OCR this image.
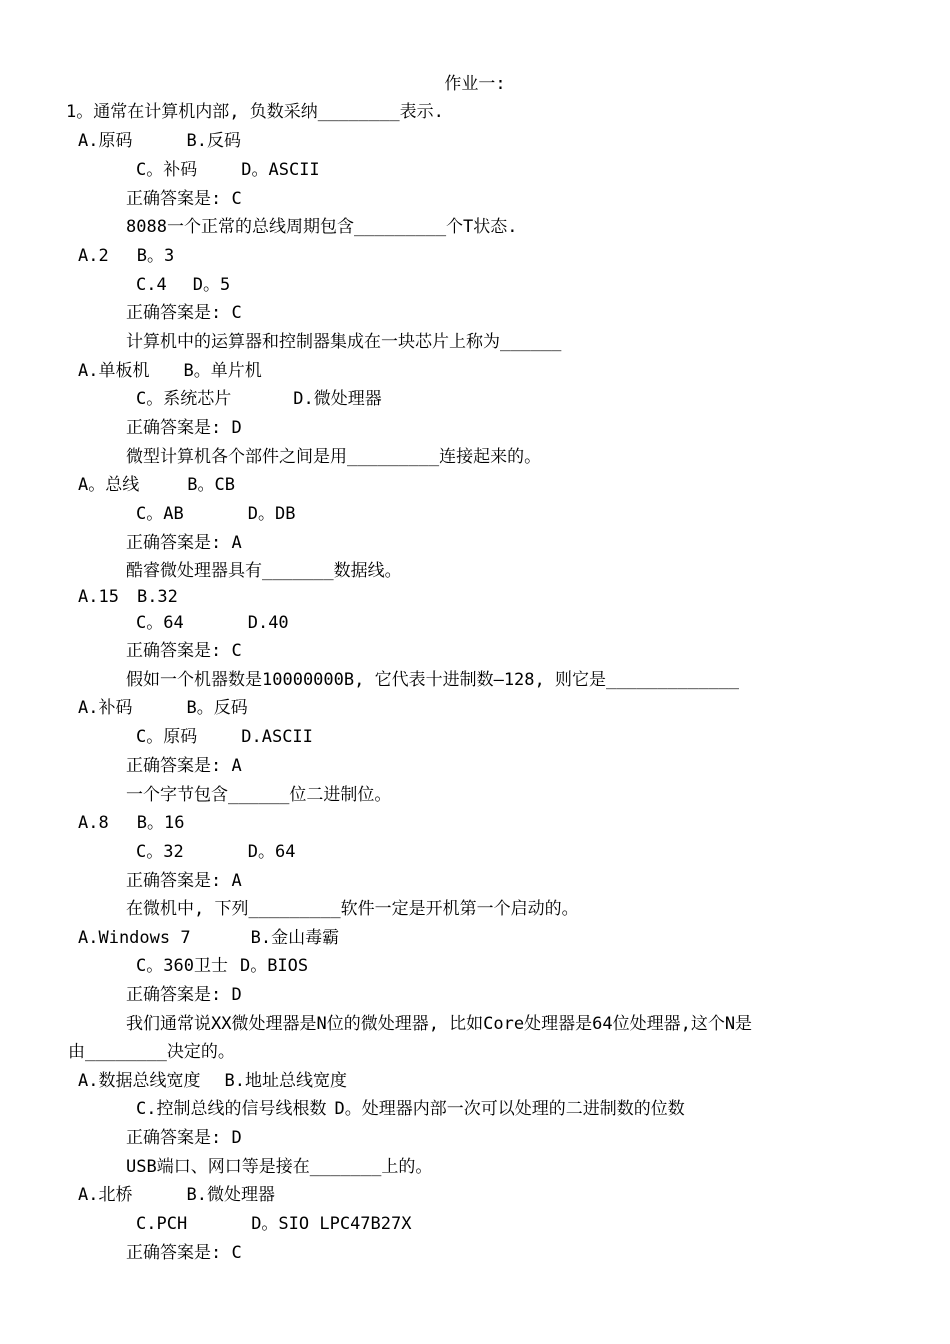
作业一:
1。通常在计算机内部, 负数采纳________表示.
A.原码	B.反码
C。补码	D。ASCII
正确答案是: C
8088一个正常的总线周期包含_________个T状态.
A.2 B。3
C.4 D。5
正确答案是: C
计算机中的运算器和控制器集成在一块芯片上称为______
A.单板机 B。单片机
C。系统芯片	D.微处理器
正确答案是: D
微型计算机各个部件之间是用_________连接起来的。
A。总线	B。CB
C。AB	D。DB
正确答案是: A
酷睿微处理器具有_______数据线。
A.15 B.32
C。64	D.40
正确答案是: C
假如一个机器数是10000000B, 它代表十进制数—128, 则它是_____________
A.补码	B。反码
C。原码	D.ASCII
正确答案是: A
一个字节包含______位二进制位。
A.8 B。16
C。32	D。64
正确答案是: A
在微机中, 下列_________软件一定是开机第一个启动的。
A.Windows 7	B.金山毒霸
C。360卫士 D。BIOS
正确答案是: D
我们通常说XX微处理器是N位的微处理器, 比如Core处理器是64位处理器,这个N是
由________决定的。
A.数据总线宽度 B.地址总线宽度
C.控制总线的信号线根数 D。处理器内部一次可以处理的二进制数的位数
正确答案是: D
USB端口、网口等是接在_______上的。
A.北桥	B.微处理器
C.PCH	D。SIO LPC47B27X
正确答案是: C
